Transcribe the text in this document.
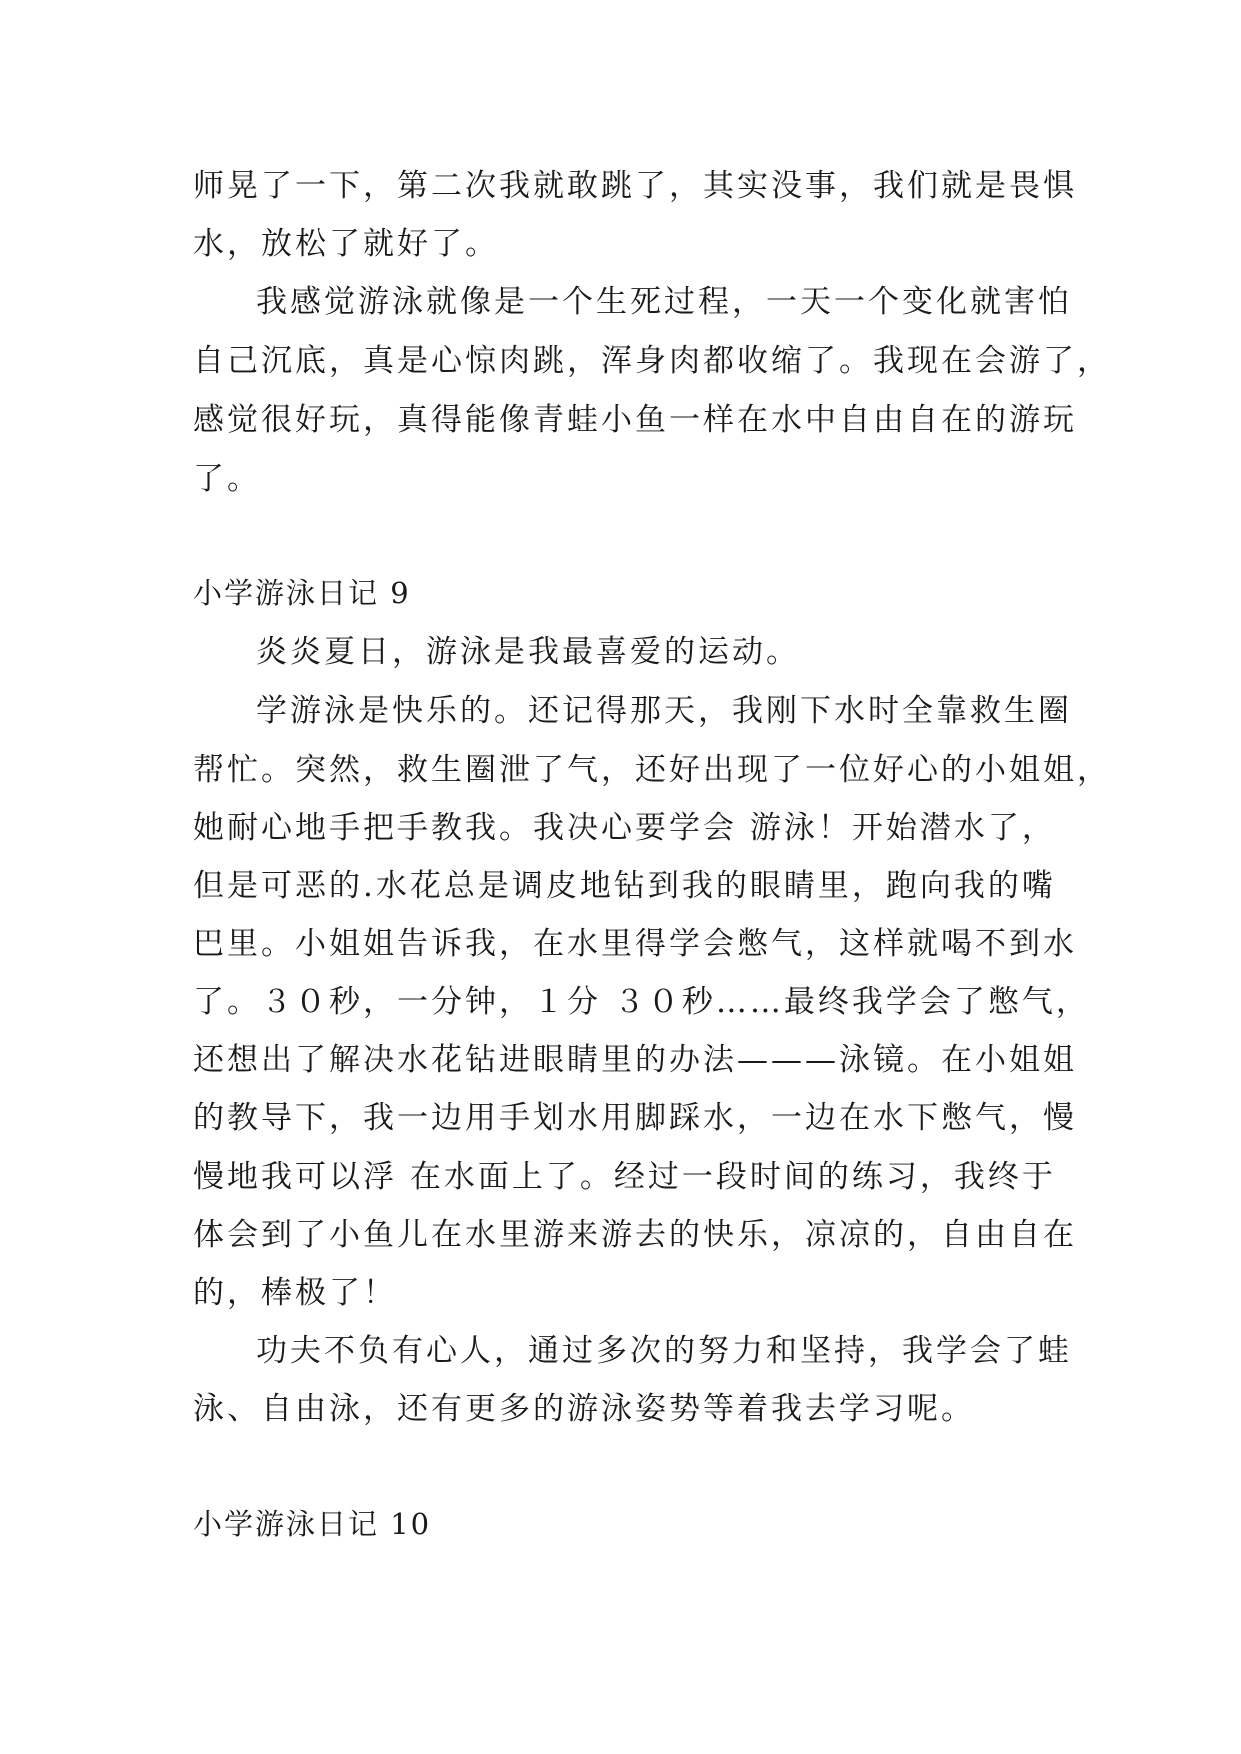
师晃了一下，第二次我就敢跳了，其实没事，我们就是畏惧
水，放松了就好了。
我感觉游泳就像是一个生死过程，一天一个变化就害怕
自己沉底，真是心惊肉跳，浑身肉都收缩了。我现在会游了，
感觉很好玩，真得能像青蛙小鱼一样在水中自由自在的游玩
了。
小学游泳日记 9
炎炎夏日，游泳是我最喜爱的运动。
学游泳是快乐的。还记得那天，我刚下水时全靠救生圈
帮忙。突然，救生圈泄了气，还好出现了一位好心的小姐姐，
她耐心地手把手教我。我决心要学会 游泳！开始潜水了，
但是可恶的.水花总是调皮地钻到我的眼睛里，跑向我的嘴
巴里。小姐姐告诉我，在水里得学会憋气，这样就喝不到水
了。３０秒，一分钟，１分 ３０秒……最终我学会了憋气，
还想出了解决水花钻进眼睛里的办法———泳镜。在小姐姐
的教导下，我一边用手划水用脚踩水，一边在水下憋气，慢
慢地我可以浮 在水面上了。经过一段时间的练习，我终于
体会到了小鱼儿在水里游来游去的快乐，凉凉的，自由自在
的，棒极了！
功夫不负有心人，通过多次的努力和坚持，我学会了蛙
泳、自由泳，还有更多的游泳姿势等着我去学习呢。
小学游泳日记 10
